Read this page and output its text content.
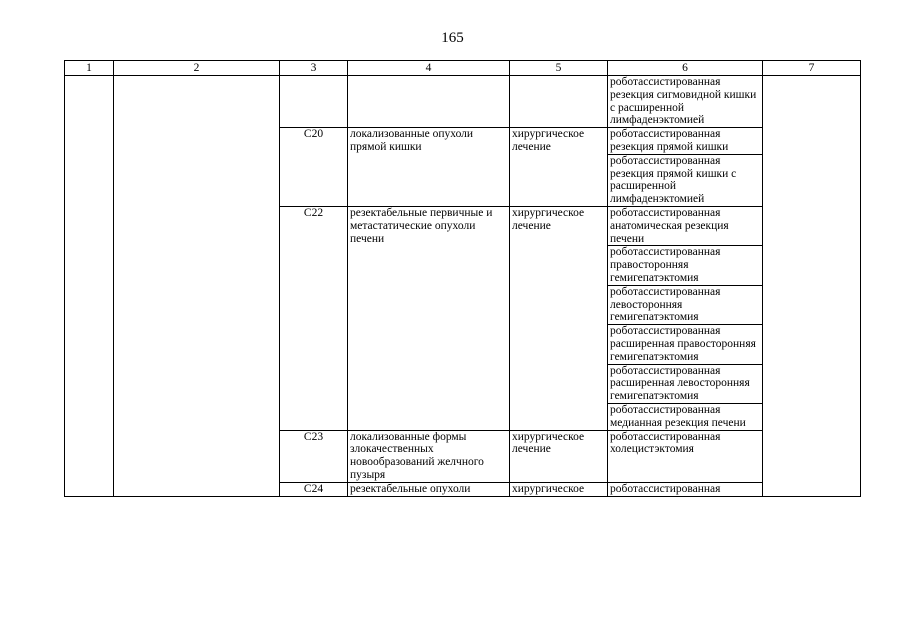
165
1	2	3	4	5	6	7
					роботассистированная резекция сигмовидной кишки с расширенной лимфаденэктомией	
		C20	локализованные опухоли прямой кишки	хирургическое лечение	роботассистированная резекция прямой кишки	
					роботассистированная резекция прямой кишки с расширенной лимфаденэктомией	
		C22	резектабельные первичные и метастатические опухоли печени	хирургическое лечение	роботассистированная анатомическая резекция печени	
					роботассистированная правосторонняя гемигепатэктомия	
					роботассистированная левосторонняя гемигепатэктомия	
					роботассистированная расширенная правосторонняя гемигепатэктомия	
					роботассистированная расширенная левосторонняя гемигепатэктомия	
					роботассистированная медианная резекция печени	
		C23	локализованные формы злокачественных новообразований желчного пузыря	хирургическое лечение	роботассистированная холецистэктомия	
		C24	резектабельные опухоли	хирургическое	роботассистированная	
